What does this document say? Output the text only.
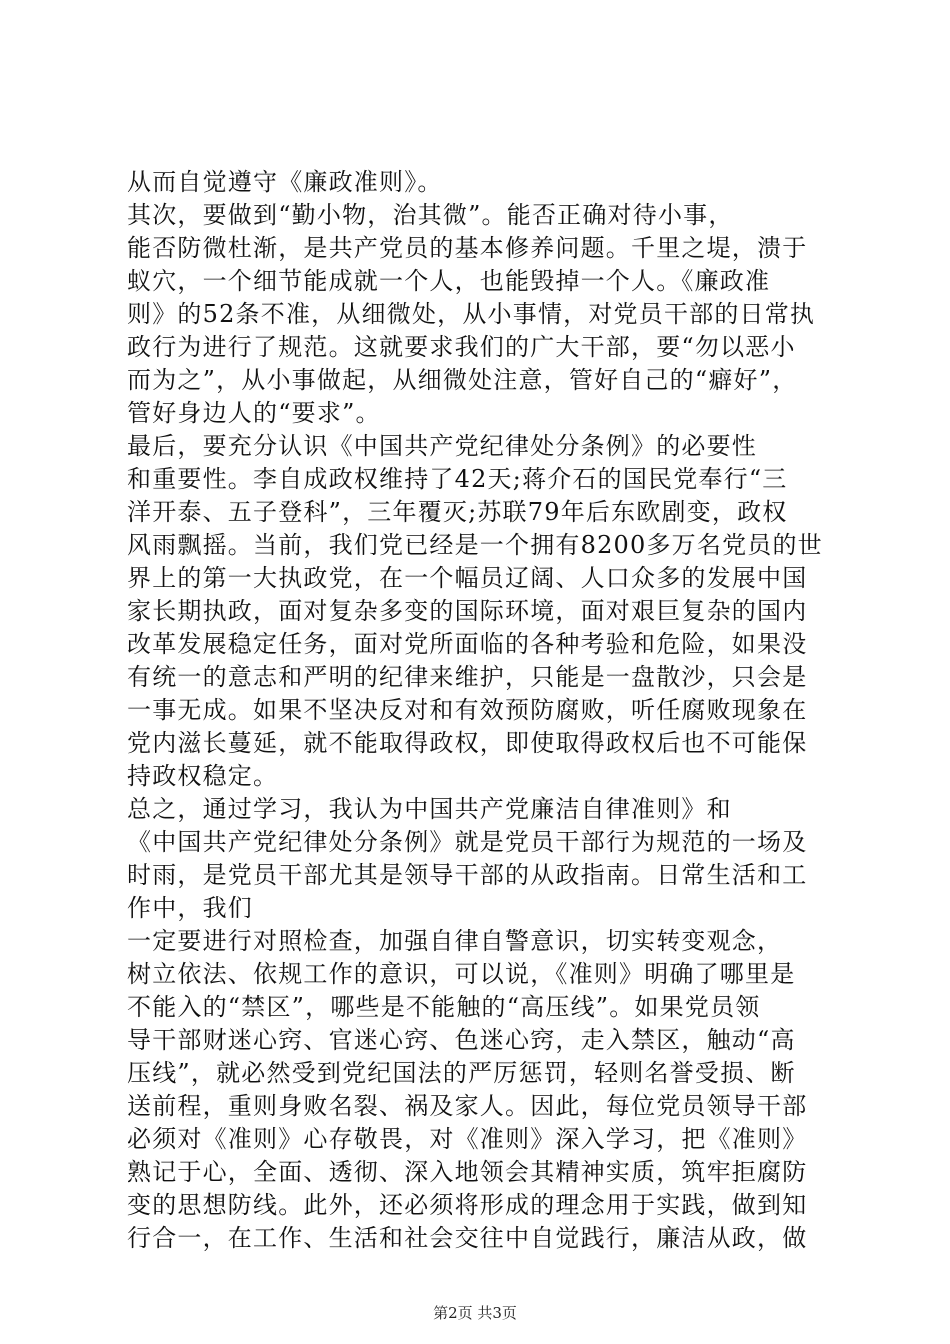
从而自觉遵守《廉政准则》。

其次，要做到“勤小物，治其微”。能否正确对待小事，

能否防微杜渐，是共产党员的基本修养问题。千里之堤，溃于

蚁穴，一个细节能成就一个人，也能毁掉一个人。《廉政准

则》的52条不准，从细微处，从小事情，对党员干部的日常执

政行为进行了规范。这就要求我们的广大干部，要“勿以恶小

而为之”，从小事做起，从细微处注意，管好自己的“癖好”，

管好身边人的“要求”。

最后，要充分认识《中国共产党纪律处分条例》的必要性

和重要性。李自成政权维持了42天;蒋介石的国民党奉行“三

洋开泰、五子登科”，三年覆灭;苏联79年后东欧剧变，政权

风雨飘摇。当前，我们党已经是一个拥有8200多万名党员的世

界上的第一大执政党，在一个幅员辽阔、人口众多的发展中国

家长期执政，面对复杂多变的国际环境，面对艰巨复杂的国内

改革发展稳定任务，面对党所面临的各种考验和危险，如果没

有统一的意志和严明的纪律来维护，只能是一盘散沙，只会是

一事无成。如果不坚决反对和有效预防腐败，听任腐败现象在

党内滋长蔓延，就不能取得政权，即使取得政权后也不可能保

持政权稳定。

总之，通过学习，我认为中国共产党廉洁自律准则》和

《中国共产党纪律处分条例》就是党员干部行为规范的一场及

时雨，是党员干部尤其是领导干部的从政指南。日常生活和工

作中，我们

一定要进行对照检查，加强自律自警意识，切实转变观念，

树立依法、依规工作的意识，可以说，《准则》明确了哪里是

不能入的“禁区”，哪些是不能触的“高压线”。如果党员领

导干部财迷心窍、官迷心窍、色迷心窍，走入禁区，触动“高

压线”，就必然受到党纪国法的严厉惩罚，轻则名誉受损、断

送前程，重则身败名裂、祸及家人。因此，每位党员领导干部

必须对《准则》心存敬畏，对《准则》深入学习，把《准则》

熟记于心，全面、透彻、深入地领会其精神实质，筑牢拒腐防

变的思想防线。此外，还必须将形成的理念用于实践，做到知

行合一，在工作、生活和社会交往中自觉践行，廉洁从政，做

第2页 共3页
